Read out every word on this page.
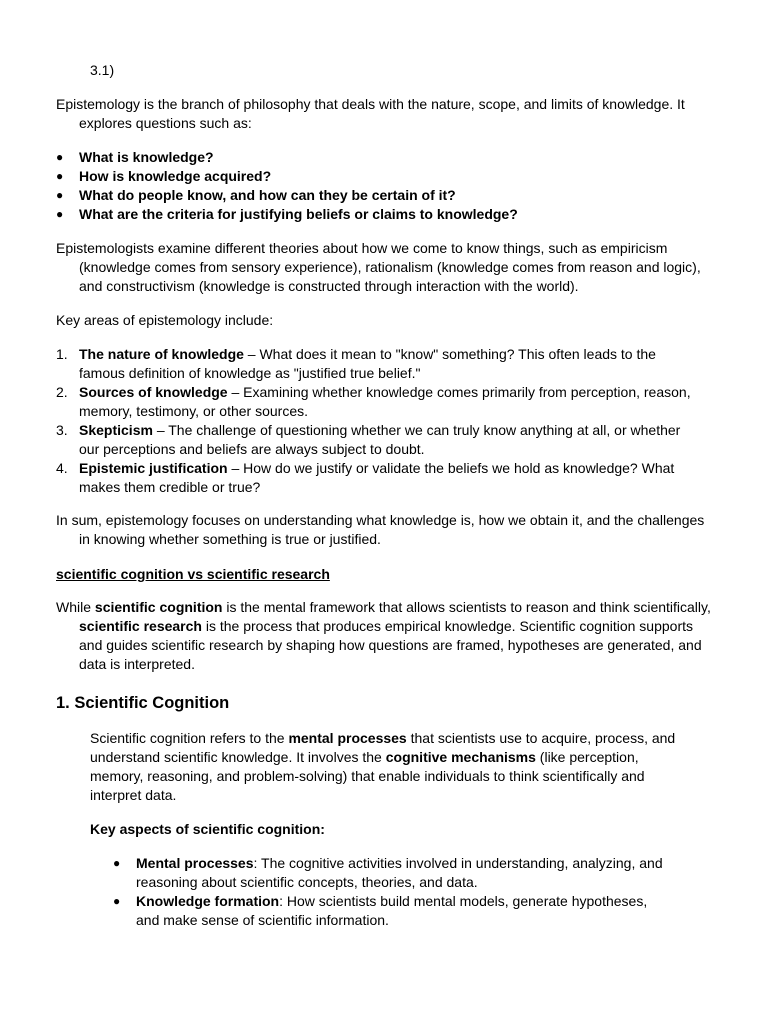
3.1)

Epistemology is the branch of philosophy that deals with the nature, scope, and limits of knowledge. It explores questions such as:

● What is knowledge?
● How is knowledge acquired?
● What do people know, and how can they be certain of it?
● What are the criteria for justifying beliefs or claims to knowledge?

Epistemologists examine different theories about how we come to know things, such as empiricism (knowledge comes from sensory experience), rationalism (knowledge comes from reason and logic), and constructivism (knowledge is constructed through interaction with the world).

Key areas of epistemology include:

1. The nature of knowledge – What does it mean to "know" something? This often leads to the famous definition of knowledge as "justified true belief."
2. Sources of knowledge – Examining whether knowledge comes primarily from perception, reason, memory, testimony, or other sources.
3. Skepticism – The challenge of questioning whether we can truly know anything at all, or whether our perceptions and beliefs are always subject to doubt.
4. Epistemic justification – How do we justify or validate the beliefs we hold as knowledge? What makes them credible or true?

In sum, epistemology focuses on understanding what knowledge is, how we obtain it, and the challenges in knowing whether something is true or justified.

scientific cognition vs scientific research

While scientific cognition is the mental framework that allows scientists to reason and think scientifically, scientific research is the process that produces empirical knowledge. Scientific cognition supports and guides scientific research by shaping how questions are framed, hypotheses are generated, and data is interpreted.

1. Scientific Cognition

Scientific cognition refers to the mental processes that scientists use to acquire, process, and understand scientific knowledge. It involves the cognitive mechanisms (like perception, memory, reasoning, and problem-solving) that enable individuals to think scientifically and interpret data.

Key aspects of scientific cognition:

● Mental processes: The cognitive activities involved in understanding, analyzing, and reasoning about scientific concepts, theories, and data.
● Knowledge formation: How scientists build mental models, generate hypotheses, and make sense of scientific information.
